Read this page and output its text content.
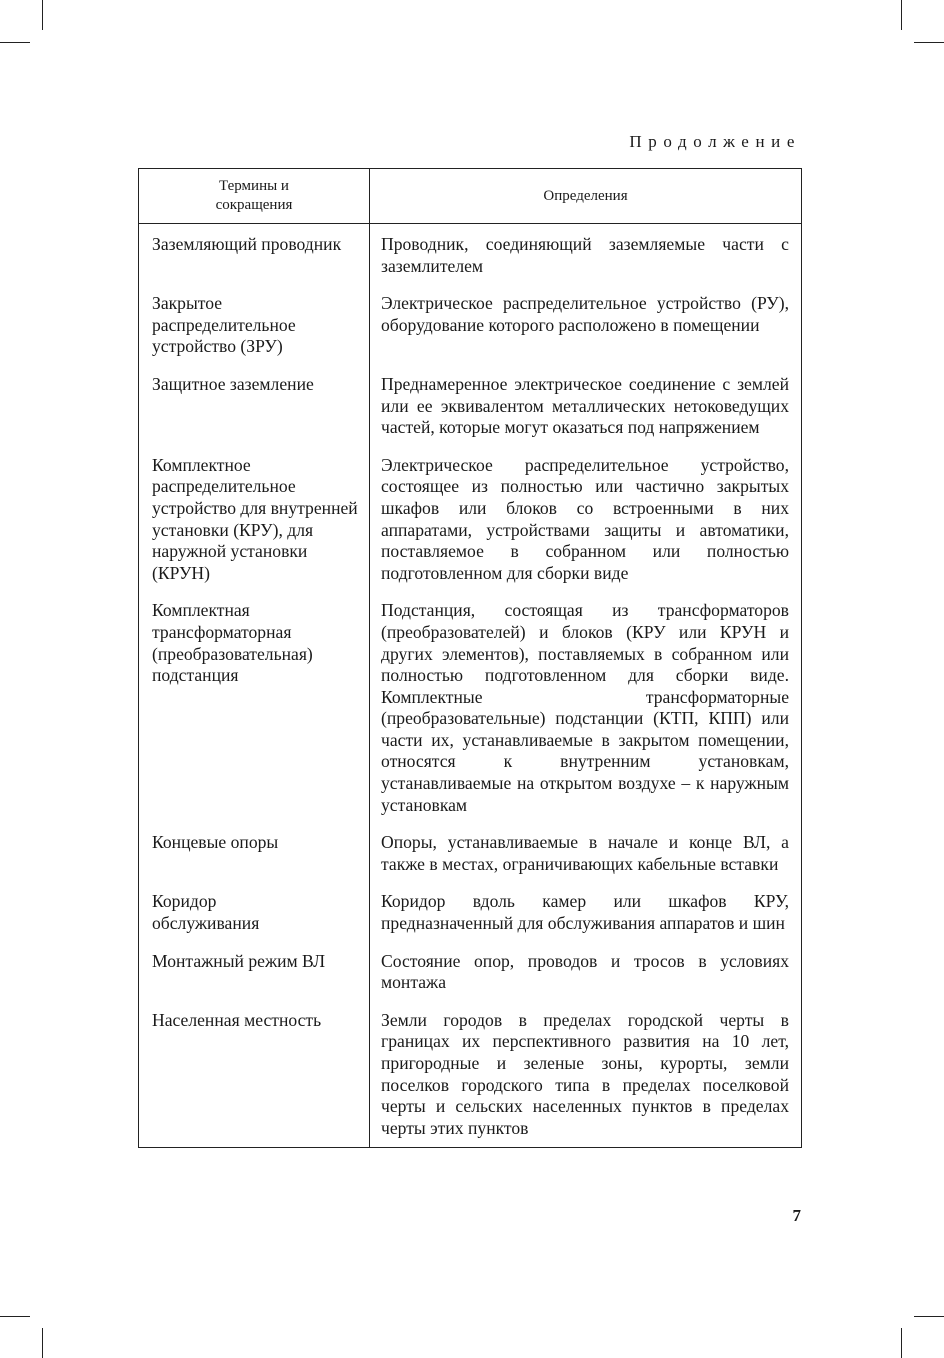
Продолжение

Термины и сокращения	Определения
Заземляющий проводник	Проводник, соединяющий заземляемые части с заземлителем
Закрытое распределительное устройство (ЗРУ)	Электрическое распределительное устройство (РУ), оборудование которого расположено в помещении
Защитное заземление	Преднамеренное электрическое соединение с землей или ее эквивалентом металлических нетоковедущих частей, которые могут оказаться под напряжением
Комплектное распределительное устройство для внутренней установки (КРУ), для наружной установки (КРУН)	Электрическое распределительное устройство, состоящее из полностью или частично закрытых шкафов или блоков со встроенными в них аппаратами, устройствами защиты и автоматики, поставляемое в собранном или полностью подготовленном для сборки виде
Комплектная трансформаторная (преобразовательная) подстанция	Подстанция, состоящая из трансформаторов (преобразователей) и блоков (КРУ или КРУН и других элементов), поставляемых в собранном или полностью подготовленном для сборки виде. Комплектные трансформаторные (преобразовательные) подстанции (КТП, КПП) или части их, устанавливаемые в закрытом помещении, относятся к внутренним установкам, устанавливаемые на открытом воздухе – к наружным установкам
Концевые опоры	Опоры, устанавливаемые в начале и конце ВЛ, а также в местах, ограничивающих кабельные вставки
Коридор обслуживания	Коридор вдоль камер или шкафов КРУ, предназначенный для обслуживания аппаратов и шин
Монтажный режим ВЛ	Состояние опор, проводов и тросов в условиях монтажа
Населенная местность	Земли городов в пределах городской черты в границах их перспективного развития на 10 лет, пригородные и зеленые зоны, курорты, земли поселков городского типа в пределах поселковой черты и сельских населенных пунктов в пределах черты этих пунктов

7
